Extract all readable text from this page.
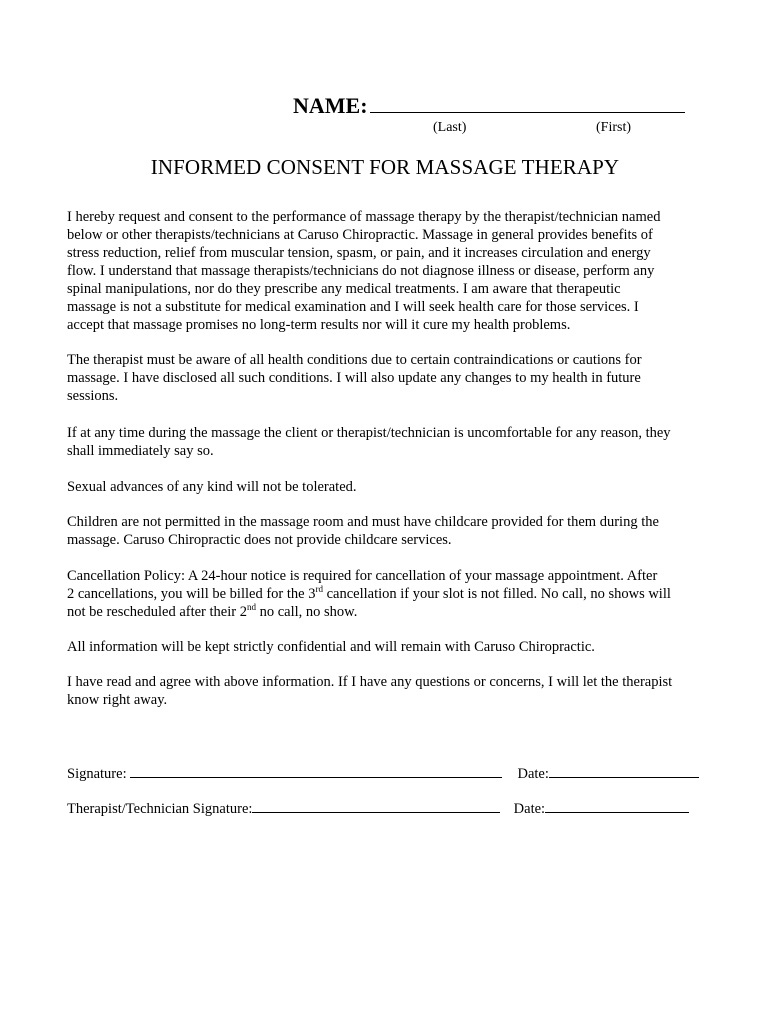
NAME:
(Last)	(First)
INFORMED CONSENT FOR MASSAGE THERAPY
I hereby request and consent to the performance of massage therapy by the therapist/technician named
below or other therapists/technicians at Caruso Chiropractic. Massage in general provides benefits of
stress reduction, relief from muscular tension, spasm, or pain, and it increases circulation and energy
flow. I understand that massage therapists/technicians do not diagnose illness or disease, perform any
spinal manipulations, nor do they prescribe any medical treatments. I am aware that therapeutic
massage is not a substitute for medical examination and I will seek health care for those services. I
accept that massage promises no long-term results nor will it cure my health problems.
The therapist must be aware of all health conditions due to certain contraindications or cautions for
massage. I have disclosed all such conditions. I will also update any changes to my health in future
sessions.
If at any time during the massage the client or therapist/technician is uncomfortable for any reason, they
shall immediately say so.
Sexual advances of any kind will not be tolerated.
Children are not permitted in the massage room and must have childcare provided for them during the
massage. Caruso Chiropractic does not provide childcare services.
Cancellation Policy: A 24-hour notice is required for cancellation of your massage appointment. After
2 cancellations, you will be billed for the 3rd cancellation if your slot is not filled. No call, no shows will
not be rescheduled after their 2nd no call, no show.
All information will be kept strictly confidential and will remain with Caruso Chiropractic.
I have read and agree with above information. If I have any questions or concerns, I will let the therapist
know right away.
Signature:	Date:
Therapist/Technician Signature:	Date:
